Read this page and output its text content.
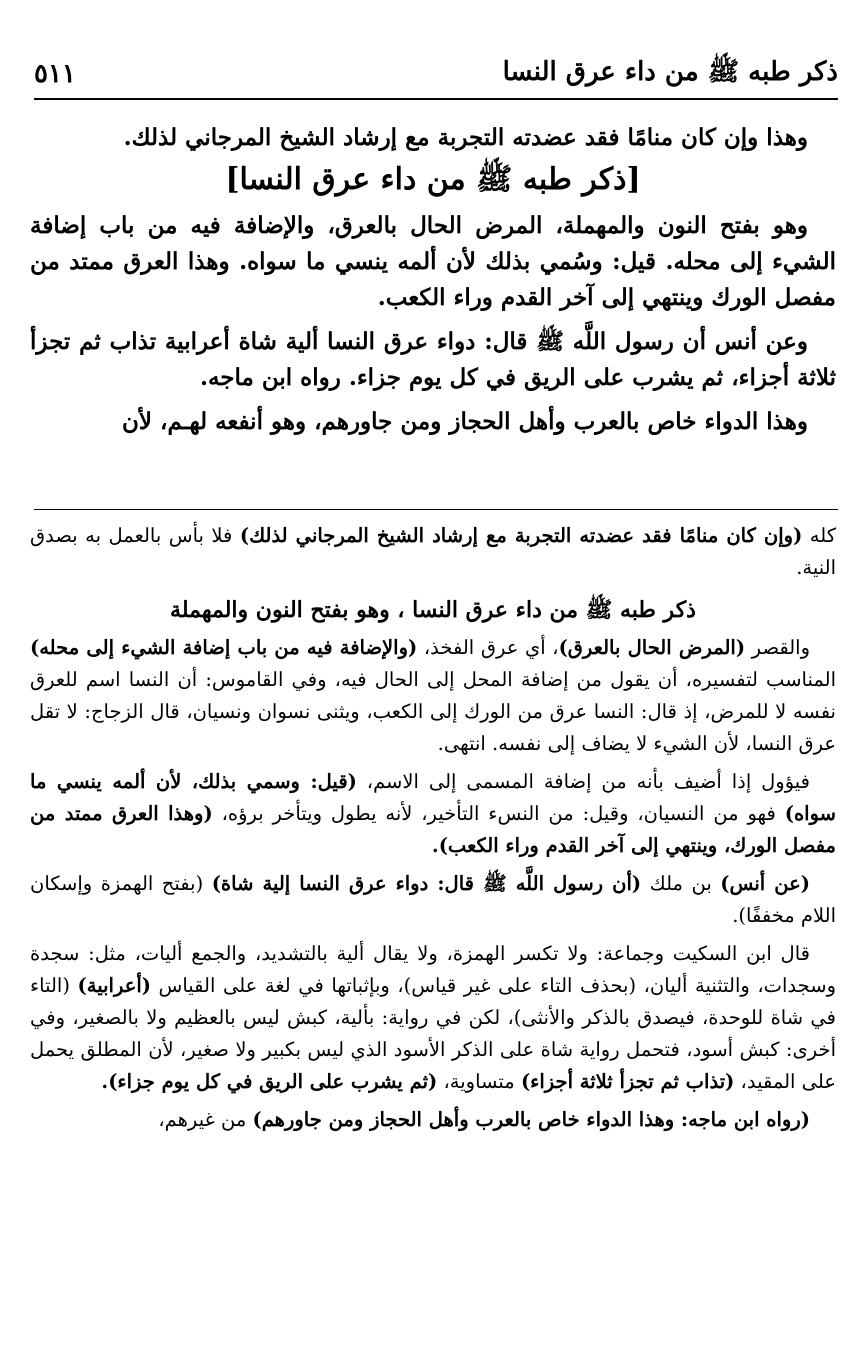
ذكر طبه ﷺ من داء عرق النسا
٥١١

وهذا وإن كان منامًا فقد عضدته التجربة مع إرشاد الشيخ المرجاني لذلك.

[ذكر طبه ﷺ من داء عرق النسا]

وهو بفتح النون والمهملة، المرض الحال بالعرق، والإضافة فيه من باب إضافة الشيء إلى محله. قيل: وسُمي بذلك لأن ألمه ينسي ما سواه. وهذا العرق ممتد من مفصل الورك وينتهي إلى آخر القدم وراء الكعب.

وعن أنس أن رسول اللَّه ﷺ قال: دواء عرق النسا ألية شاة أعرابية تذاب ثم تجزأ ثلاثة أجزاء، ثم يشرب على الريق في كل يوم جزاء. رواه ابن ماجه.

وهذا الدواء خاص بالعرب وأهل الحجاز ومن جاورهم، وهو أنفعه لهـم، لأن

كله (وإن كان منامًا فقد عضدته التجربة مع إرشاد الشيخ المرجاني لذلك) فلا بأس بالعمل به بصدق النية.

ذكر طبه ﷺ من داء عرق النسا ، وهو بفتح النون والمهملة

والقصر (المرض الحال بالعرق)، أي عرق الفخذ، (والإضافة فيه من باب إضافة الشيء إلى محله) المناسب لتفسيره، أن يقول من إضافة المحل إلى الحال فيه، وفي القاموس: أن النسا اسم للعرق نفسه لا للمرض، إذ قال: النسا عرق من الورك إلى الكعب، ويثنى نسوان ونسيان، قال الزجاج: لا تقل عرق النسا، لأن الشيء لا يضاف إلى نفسه. انتهى.

فيؤول إذا أضيف بأنه من إضافة المسمى إلى الاسم، (قيل: وسمي بذلك، لأن ألمه ينسي ما سواه) فهو من النسيان، وقيل: من النسء التأخير، لأنه يطول ويتأخر برؤه، (وهذا العرق ممتد من مفصل الورك، وينتهي إلى آخر القدم وراء الكعب).

(عن أنس) بن ملك (أن رسول اللَّه ﷺ قال: دواء عرق النسا إلية شاة) (بفتح الهمزة وإسكان اللام مخففًا).

قال ابن السكيت وجماعة: ولا تكسر الهمزة، ولا يقال ألية بالتشديد، والجمع أليات، مثل: سجدة وسجدات، والتثنية أليان، (بحذف التاء على غير قياس)، وبإثباتها في لغة على القياس (أعرابية) (التاء في شاة للوحدة، فيصدق بالذكر والأنثى)، لكن في رواية: بألية، كبش ليس بالعظيم ولا بالصغير، وفي أخرى: كبش أسود، فتحمل رواية شاة على الذكر الأسود الذي ليس بكبير ولا صغير، لأن المطلق يحمل على المقيد، (تذاب ثم تجزأ ثلاثة أجزاء) متساوية، (ثم يشرب على الريق في كل يوم جزاء).

(رواه ابن ماجه: وهذا الدواء خاص بالعرب وأهل الحجاز ومن جاورهم) من غيرهم،
